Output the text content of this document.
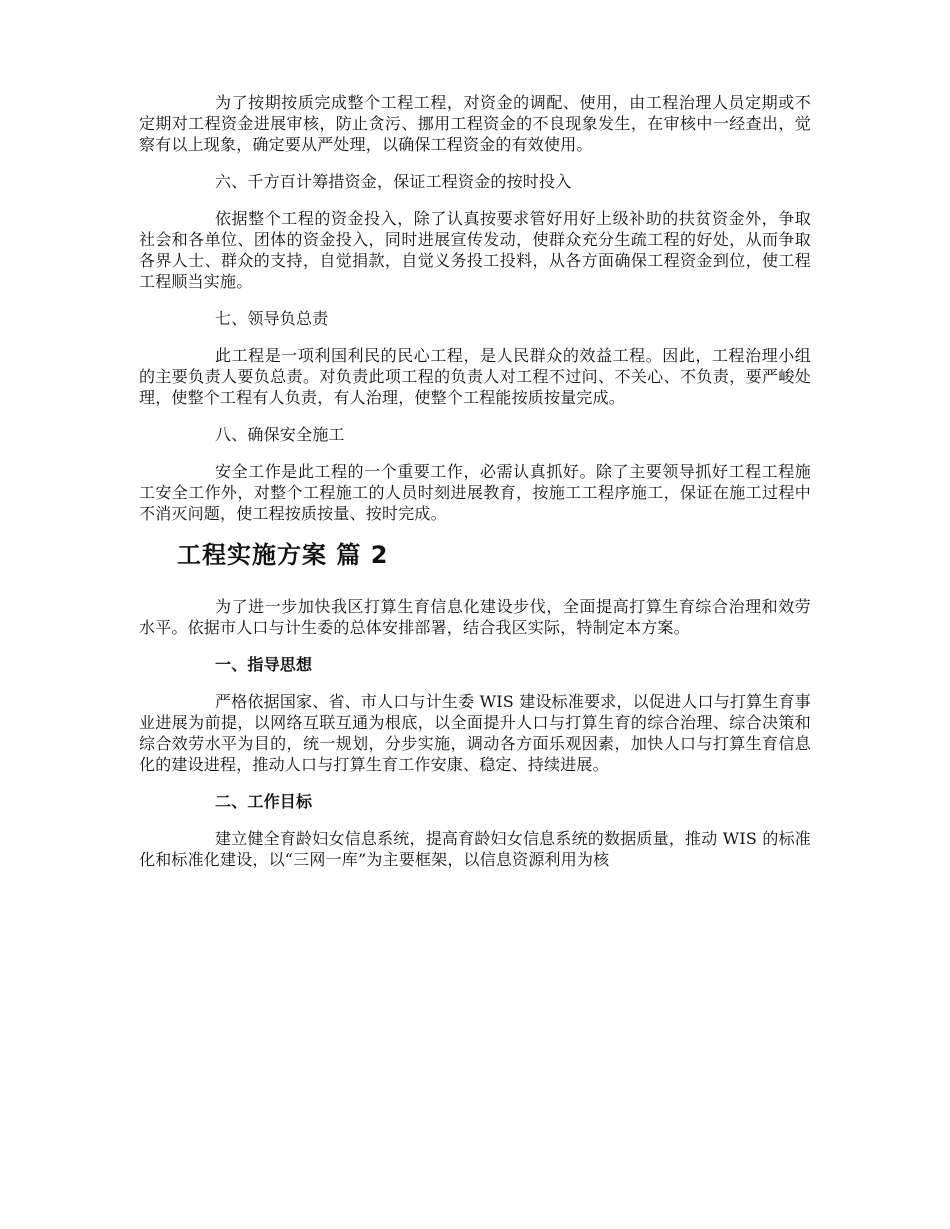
为了按期按质完成整个工程工程，对资金的调配、使用，由工程治理人员定期或不定期对工程资金进展审核，防止贪污、挪用工程资金的不良现象发生，在审核中一经查出，觉察有以上现象，确定要从严处理，以确保工程资金的有效使用。

六、千方百计筹措资金，保证工程资金的按时投入

依据整个工程的资金投入，除了认真按要求管好用好上级补助的扶贫资金外，争取社会和各单位、团体的资金投入，同时进展宣传发动，使群众充分生疏工程的好处，从而争取各界人士、群众的支持，自觉捐款，自觉义务投工投料，从各方面确保工程资金到位，使工程工程顺当实施。

七、领导负总责

此工程是一项利国利民的民心工程，是人民群众的效益工程。因此，工程治理小组的主要负责人要负总责。对负责此项工程的负责人对工程不过问、不关心、不负责，要严峻处理，使整个工程有人负责，有人治理，使整个工程能按质按量完成。

八、确保安全施工

安全工作是此工程的一个重要工作，必需认真抓好。除了主要领导抓好工程工程施工安全工作外，对整个工程施工的人员时刻进展教育，按施工工程序施工，保证在施工过程中不消灭问题，使工程按质按量、按时完成。

工程实施方案 篇 2

为了进一步加快我区打算生育信息化建设步伐，全面提高打算生育综合治理和效劳水平。依据市人口与计生委的总体安排部署，结合我区实际，特制定本方案。

一、指导思想

严格依据国家、省、市人口与计生委 WIS 建设标准要求，以促进人口与打算生育事业进展为前提，以网络互联互通为根底，以全面提升人口与打算生育的综合治理、综合决策和综合效劳水平为目的，统一规划，分步实施，调动各方面乐观因素，加快人口与打算生育信息化的建设进程，推动人口与打算生育工作安康、稳定、持续进展。

二、工作目标

建立健全育龄妇女信息系统，提高育龄妇女信息系统的数据质量，推动 WIS 的标准化和标准化建设，以“三网一库”为主要框架，以信息资源利用为核
